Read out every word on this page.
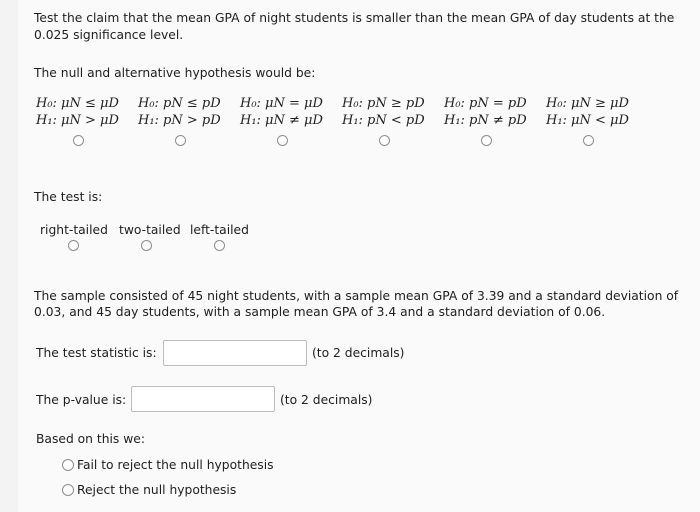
Test the claim that the mean GPA of night students is smaller than the mean GPA of day students at the
0.025 significance level.
The null and alternative hypothesis would be:
H₀: μN ≤ μD
H₁: μN > μD
H₀: pN ≤ pD
H₁: pN > pD
H₀: μN = μD
H₁: μN ≠ μD
H₀: pN ≥ pD
H₁: pN < pD
H₀: pN = pD
H₁: pN ≠ pD
H₀: μN ≥ μD
H₁: μN < μD
The test is:
right-tailed two-tailed left-tailed
The sample consisted of 45 night students, with a sample mean GPA of 3.39 and a standard deviation of
0.03, and 45 day students, with a sample mean GPA of 3.4 and a standard deviation of 0.06.
The test statistic is:	(to 2 decimals)
The p-value is:	(to 2 decimals)
Based on this we:
Fail to reject the null hypothesis
Reject the null hypothesis
